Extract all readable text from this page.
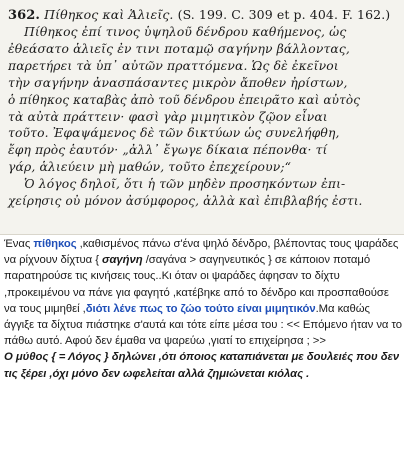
362. Πίθηκος καὶ Ἁλιεῖς. (S. 199. C. 309 et p. 404. F. 162.)
Πίθηκος ἐπί τινος ὑψηλοῦ δένδρου καθήμενος, ὡς
ἐθεάσατο ἁλιεῖς ἐν τινι ποταμῷ σαγήνην βάλλοντας,
παρετήρει τὰ ὑπ᾽ αὐτῶν πραττόμενα. Ὡς δὲ ἐκεῖνοι
τὴν σαγήνην ἀνασπάσαντες μικρὸν ἄποθεν ἠρίστων,
ὁ πίθηκος καταβὰς ἀπὸ τοῦ δένδρου ἐπειρᾶτο καὶ αὐτὸς
τὰ αὐτὰ πράττειν· φασὶ γὰρ μιμητικὸν ζῷον εἶναι
τοῦτο. Ἐφαψάμενος δὲ τῶν δικτύων ὡς συνελήφθη,
ἔφη πρὸς ἑαυτόν· „ἀλλ᾽ ἔγωγε δίκαια πέπονθα· τί
γάρ, ἁλιεύειν μὴ μαθών, τοῦτο ἐπεχείρουν;“
Ὁ λόγος δηλοῖ, ὅτι ἡ τῶν μηδὲν προσηκόντων ἐπι-
χείρησις οὐ μόνον ἀσύμφορος, ἀλλὰ καὶ ἐπιβλαβής ἐστι.
Ένας πίθηκος ,καθισμένος πάνω σ'ένα ψηλό δένδρο, βλέποντας τους ψαράδες να ρίχνουν δίχτυα { σαγήνη /σαγάνα > σαγηνευτικός } σε κάποιον ποταμό παρατηρούσε τις κινήσεις τους..Κι όταν οι ψαράδες άφησαν το δίχτυ ,προκειμένου να πάνε για φαγητό ,κατέβηκε από το δένδρο και προσπαθούσε να τους μιμηθεί ,διότι λένε πως το ζώο τούτο είναι μιμητικόν.Μα καθώς άγγιξε τα δίχτυα πιάστηκε σ'αυτά και τότε είπε μέσα του : << Επόμενο ήταν να το πάθω αυτό. Αφού δεν έμαθα να ψαρεύω ,γιατί το επιχείρησα ; >>
Ο μύθος { = Λόγος } δηλώνει ,ότι όποιος καταπιάνεται με δουλειές που δεν τις ξέρει ,όχι μόνο δεν ωφελείται αλλά ζημιώνεται κιόλας .
